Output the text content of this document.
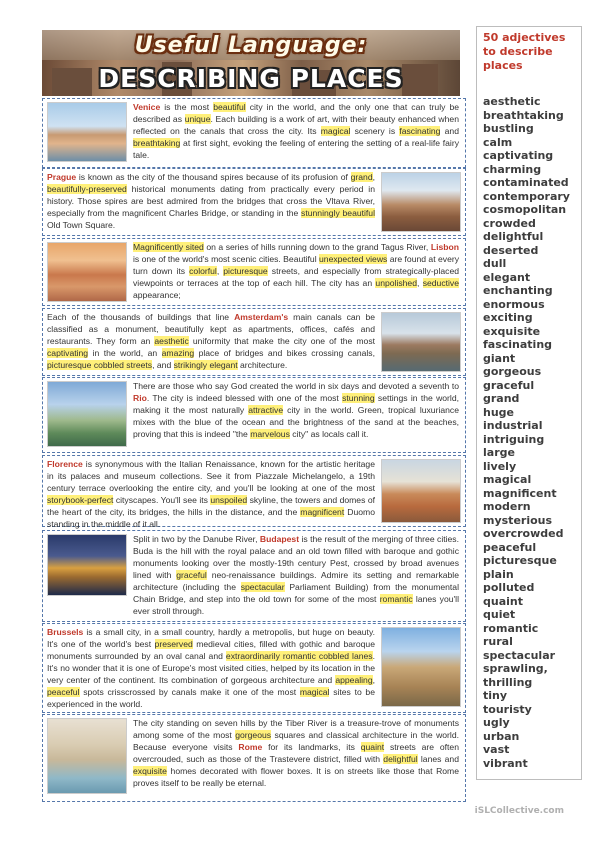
Useful Language:
DESCRIBING PLACES
50 adjectives to describe places
aesthetic
breathtaking
bustling
calm
captivating
charming
contaminated
contemporary
cosmopolitan
crowded
delightful
deserted
dull
elegant
enchanting
enormous
exciting
exquisite
fascinating
giant
gorgeous
graceful
grand
huge
industrial
intriguing
large
lively
magical
magnificent
modern
mysterious
overcrowded
peaceful
picturesque
plain
polluted
quaint
quiet
romantic
rural
spectacular
sprawling,
thrilling
tiny
touristy
ugly
urban
vast
vibrant
Venice is the most beautiful city in the world, and the only one that can truly be described as unique. Each building is a work of art, with their beauty enhanced when reflected on the canals that cross the city. Its magical scenery is fascinating and breathtaking at first sight, evoking the feeling of entering the setting of a real-life fairy tale.
Prague is known as the city of the thousand spires because of its profusion of grand, beautifully-preserved historical monuments dating from practically every period in history. Those spires are best admired from the bridges that cross the Vltava River, especially from the magnificent Charles Bridge, or standing in the stunningly beautiful Old Town Square.
Magnificently sited on a series of hills running down to the grand Tagus River, Lisbon is one of the world's most scenic cities. Beautiful unexpected views are found at every turn down its colorful, picturesque streets, and especially from strategically-placed viewpoints or terraces at the top of each hill. The city has an unpolished, seductive appearance;
Each of the thousands of buildings that line Amsterdam's main canals can be classified as a monument, beautifully kept as apartments, offices, cafés and restaurants. They form an aesthetic uniformity that make the city one of the most captivating in the world, an amazing place of bridges and bikes crossing canals, picturesque cobbled streets, and strikingly elegant architecture.
There are those who say God created the world in six days and devoted a seventh to Rio. The city is indeed blessed with one of the most stunning settings in the world, making it the most naturally attractive city in the world. Green, tropical luxuriance mixes with the blue of the ocean and the brightness of the sand at the beaches, proving that this is indeed "the marvelous city" as locals call it.
Florence is synonymous with the Italian Renaissance, known for the artistic heritage in its palaces and museum collections. See it from Piazzale Michelangelo, a 19th century terrace overlooking the entire city, and you'll be looking at one of the most storybook-perfect cityscapes. You'll see its unspoiled skyline, the towers and domes of the heart of the city, its bridges, the hills in the distance, and the magnificent Duomo standing in the middle of it all.
Split in two by the Danube River, Budapest is the result of the merging of three cities. Buda is the hill with the royal palace and an old town filled with baroque and gothic monuments looking over the mostly-19th century Pest, crossed by broad avenues lined with graceful neo-renaissance buildings. Admire its setting and remarkable architecture (including the spectacular Parliament Building) from the monumental Chain Bridge, and step into the old town for some of the most romantic lanes you'll ever stroll through.
Brussels is a small city, in a small country, hardly a metropolis, but huge on beauty. It's one of the world's best preserved medieval cities, filled with gothic and baroque monuments surrounded by an oval canal and extraordinarily romantic cobbled lanes. It's no wonder that it is one of Europe's most visited cities, helped by its location in the very center of the continent. Its combination of gorgeous architecture and appealing, peaceful spots crisscrossed by canals make it one of the most magical sites to be experienced in the world.
The city standing on seven hills by the Tiber River is a treasure-trove of monuments among some of the most gorgeous squares and classical architecture in the world. Because everyone visits Rome for its landmarks, its quaint streets are often overcrouded, such as those of the Trastevere district, filled with delightful lanes and exquisite homes decorated with flower boxes. It is on streets like those that Rome proves itself to be really be eternal.
iSLCollective.com
